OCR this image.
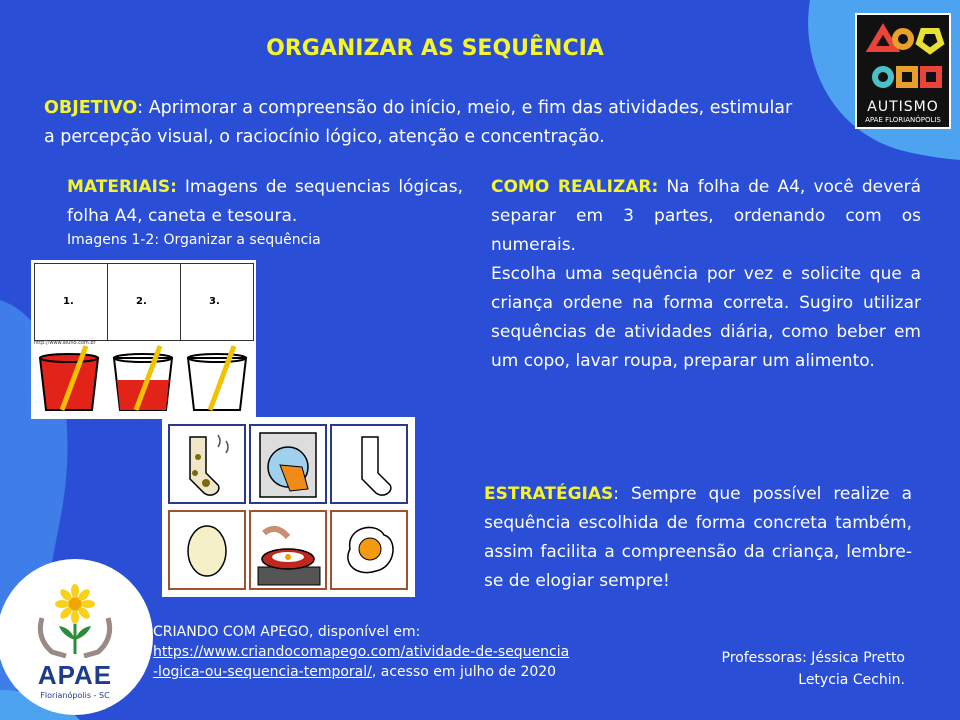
AUTISMO
APAE FLORIANÓPOLIS
ORGANIZAR AS SEQUÊNCIA
OBJETIVO: Aprimorar a compreensão do início, meio, e fim das atividades, estimular a percepção visual, o raciocínio lógico, atenção e concentração.
MATERIAIS: Imagens de sequencias lógicas, folha A4, caneta e tesoura.
Imagens 1-2: Organizar a sequência
COMO REALIZAR: Na folha de A4, você deverá separar em 3 partes, ordenando com os numerais.
Escolha uma sequência por vez e solicite que a criança ordene na forma correta. Sugiro utilizar sequências de atividades diária, como beber em um copo, lavar roupa, preparar um alimento.
1.	2.	3.
http://www.aluno.com.br
ESTRATÉGIAS: Sempre que possível realize a sequência escolhida de forma concreta também, assim facilita a compreensão da criança, lembre-se de elogiar sempre!
APAE
Florianópolis - SC
CRIANDO COM APEGO, disponível em:
https://www.criandocomapego.com/atividade-de-sequencia-logica-ou-sequencia-temporal/, acesso em julho de 2020
Professoras: Jéssica Pretto
Letycia Cechin.
